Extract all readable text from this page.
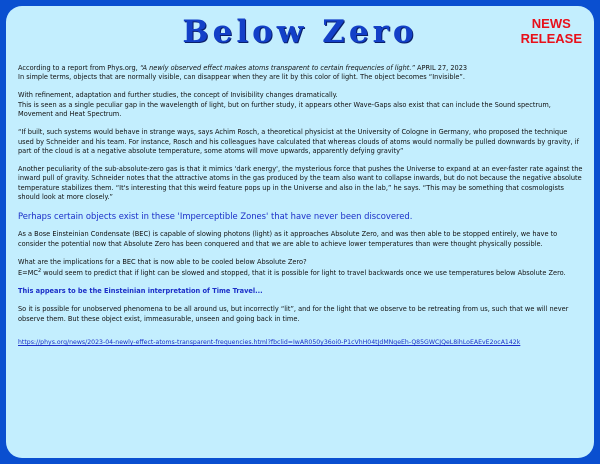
Below Zero	NEWS
RELEASE

According to a report from Phys.org, “A newly observed effect makes atoms transparent to certain frequencies of light.” APRIL 27, 2023
In simple terms, objects that are normally visible, can disappear when they are lit by this color of light. The object becomes “Invisible”.

With refinement, adaptation and further studies, the concept of Invisibility changes dramatically.
This is seen as a single peculiar gap in the wavelength of light, but on further study, it appears other Wave-Gaps also exist that can include the Sound spectrum, Movement and Heat Spectrum.

“If built, such systems would behave in strange ways, says Achim Rosch, a theoretical physicist at the University of Cologne in Germany, who proposed the technique used by Schneider and his team. For instance, Rosch and his colleagues have calculated that whereas clouds of atoms would normally be pulled downwards by gravity, if part of the cloud is at a negative absolute temperature, some atoms will move upwards, apparently defying gravity”

Another peculiarity of the sub-absolute-zero gas is that it mimics 'dark energy', the mysterious force that pushes the Universe to expand at an ever-faster rate against the inward pull of gravity. Schneider notes that the attractive atoms in the gas produced by the team also want to collapse inwards, but do not because the negative absolute temperature stabilizes them. “It's interesting that this weird feature pops up in the Universe and also in the lab,” he says. “This may be something that cosmologists should look at more closely.”

Perhaps certain objects exist in these 'Imperceptible Zones' that have never been discovered.

As a Bose Einsteinian Condensate (BEC) is capable of slowing photons (light) as it approaches Absolute Zero, and was then able to be stopped entirely, we have to consider the potential now that Absolute Zero has been conquered and that we are able to achieve lower temperatures than were thought physically possible.

What are the implications for a BEC that is now able to be cooled below Absolute Zero?
$E=MC^2$ would seem to predict that if light can be slowed and stopped, that it is possible for light to travel backwards once we use temperatures below Absolute Zero.

This appears to be the Einsteinian interpretation of Time Travel...

So it is possible for unobserved phenomena to be all around us, but incorrectly “lit”, and for the light that we observe to be retreating from us, such that we will never observe them. But these object exist, immeasurable, unseen and going back in time.

https://phys.org/news/2023-04-newly-effect-atoms-transparent-frequencies.html?fbclid=IwAR050y36oi0-P1cVhH04tJdMNgeEh-Q85GWCJQeL8ihLoEAEvE2ocA142k
